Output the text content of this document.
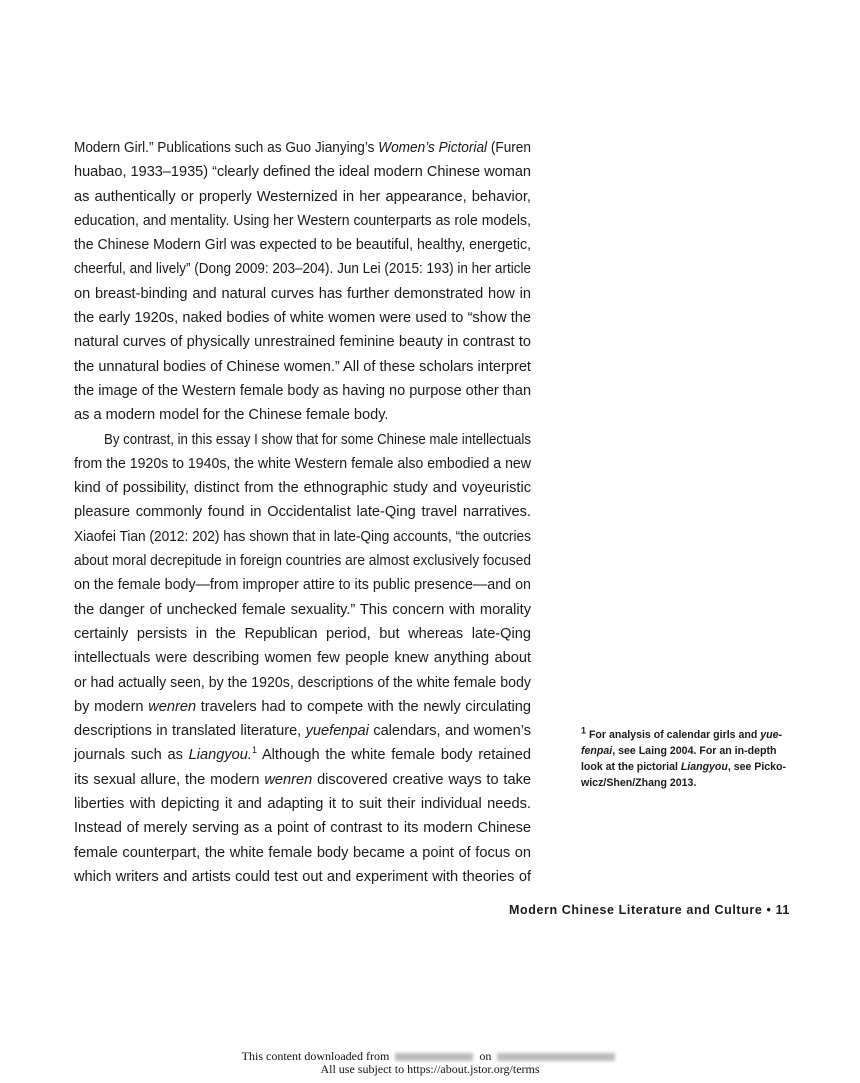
Modern Girl.” Publications such as Guo Jianying’s Women’s Pictorial (Furen
huabao, 1933–1935) “clearly defined the ideal modern Chinese woman
as authentically or properly Westernized in her appearance, behavior,
education, and mentality. Using her Western counterparts as role models,
the Chinese Modern Girl was expected to be beautiful, healthy, energetic,
cheerful, and lively” (Dong 2009: 203–204). Jun Lei (2015: 193) in her article
on breast-binding and natural curves has further demonstrated how in
the early 1920s, naked bodies of white women were used to “show the
natural curves of physically unrestrained feminine beauty in contrast to
the unnatural bodies of Chinese women.” All of these scholars interpret
the image of the Western female body as having no purpose other than
as a modern model for the Chinese female body.
By contrast, in this essay I show that for some Chinese male intellectuals
from the 1920s to 1940s, the white Western female also embodied a new
kind of possibility, distinct from the ethnographic study and voyeuristic
pleasure commonly found in Occidentalist late-Qing travel narratives.
Xiaofei Tian (2012: 202) has shown that in late-Qing accounts, “the outcries
about moral decrepitude in foreign countries are almost exclusively focused
on the female body—from improper attire to its public presence—and on
the danger of unchecked female sexuality.” This concern with morality
certainly persists in the Republican period, but whereas late-Qing
intellectuals were describing women few people knew anything about
or had actually seen, by the 1920s, descriptions of the white female body
by modern wenren travelers had to compete with the newly circulating
descriptions in translated literature, yuefenpai calendars, and women’s
journals such as Liangyou.$^1$ Although the white female body retained
its sexual allure, the modern wenren discovered creative ways to take
liberties with depicting it and adapting it to suit their individual needs.
Instead of merely serving as a point of contrast to its modern Chinese
female counterpart, the white female body became a point of focus on
which writers and artists could test out and experiment with theories of
$^1$ For analysis of calendar girls and yue-
fenpai, see Laing 2004. For an in-depth
look at the pictorial Liangyou, see Picko-
wicz/Shen/Zhang 2013.
Modern Chinese Literature and Culture • 11
This content downloaded from	on
All use subject to https://about.jstor.org/terms
